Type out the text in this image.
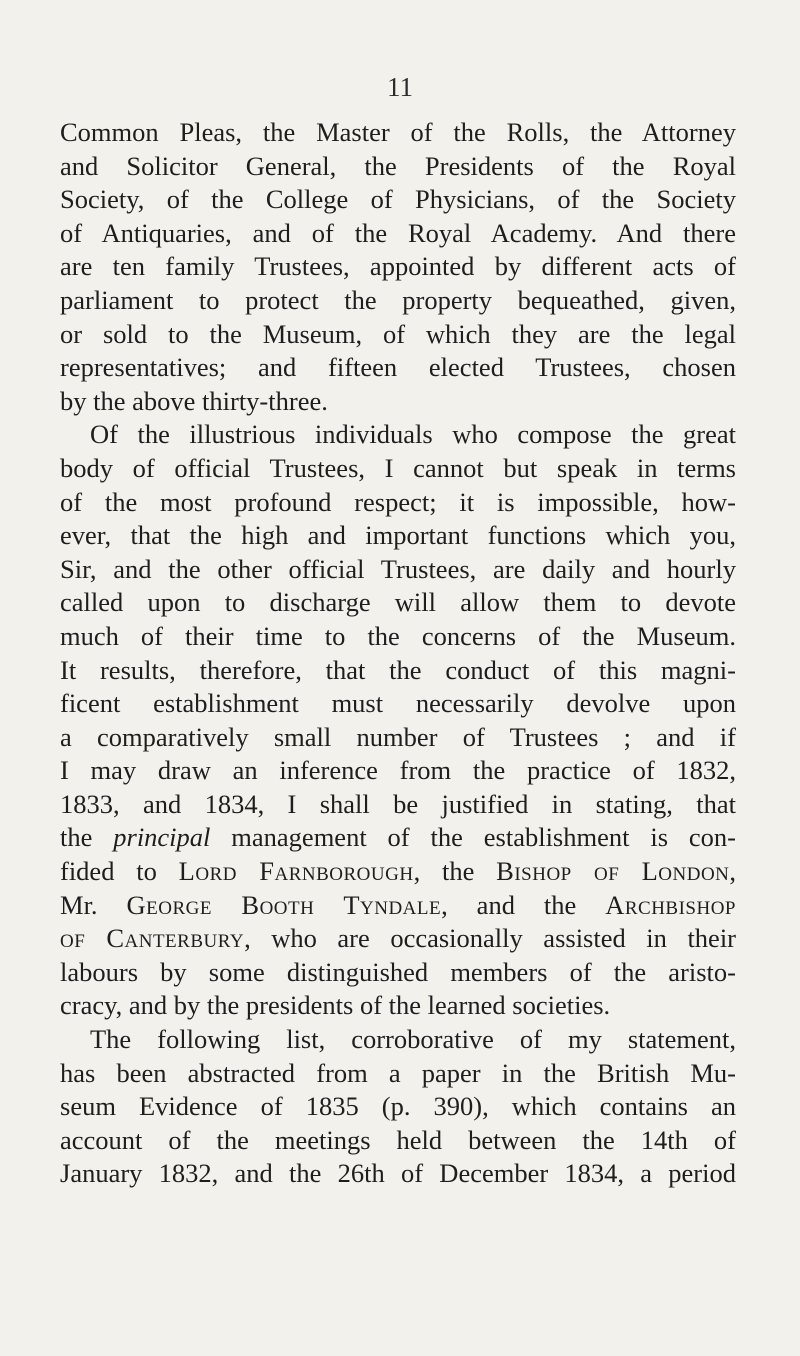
11
Common Pleas, the Master of the Rolls, the Attorney
and Solicitor General, the Presidents of the Royal
Society, of the College of Physicians, of the Society
of Antiquaries, and of the Royal Academy. And there
are ten family Trustees, appointed by different acts of
parliament to protect the property bequeathed, given,
or sold to the Museum, of which they are the legal
representatives; and fifteen elected Trustees, chosen
by the above thirty-three.
Of the illustrious individuals who compose the great
body of official Trustees, I cannot but speak in terms
of the most profound respect; it is impossible, how-
ever, that the high and important functions which you,
Sir, and the other official Trustees, are daily and hourly
called upon to discharge will allow them to devote
much of their time to the concerns of the Museum.
It results, therefore, that the conduct of this magni-
ficent establishment must necessarily devolve upon
a comparatively small number of Trustees ; and if
I may draw an inference from the practice of 1832,
1833, and 1834, I shall be justified in stating, that
the principal management of the establishment is con-
fided to Lord Farnborough, the Bishop of London,
Mr. George Booth Tyndale, and the Archbishop
of Canterbury, who are occasionally assisted in their
labours by some distinguished members of the aristo-
cracy, and by the presidents of the learned societies.
The following list, corroborative of my statement,
has been abstracted from a paper in the British Mu-
seum Evidence of 1835 (p. 390), which contains an
account of the meetings held between the 14th of
January 1832, and the 26th of December 1834, a period
